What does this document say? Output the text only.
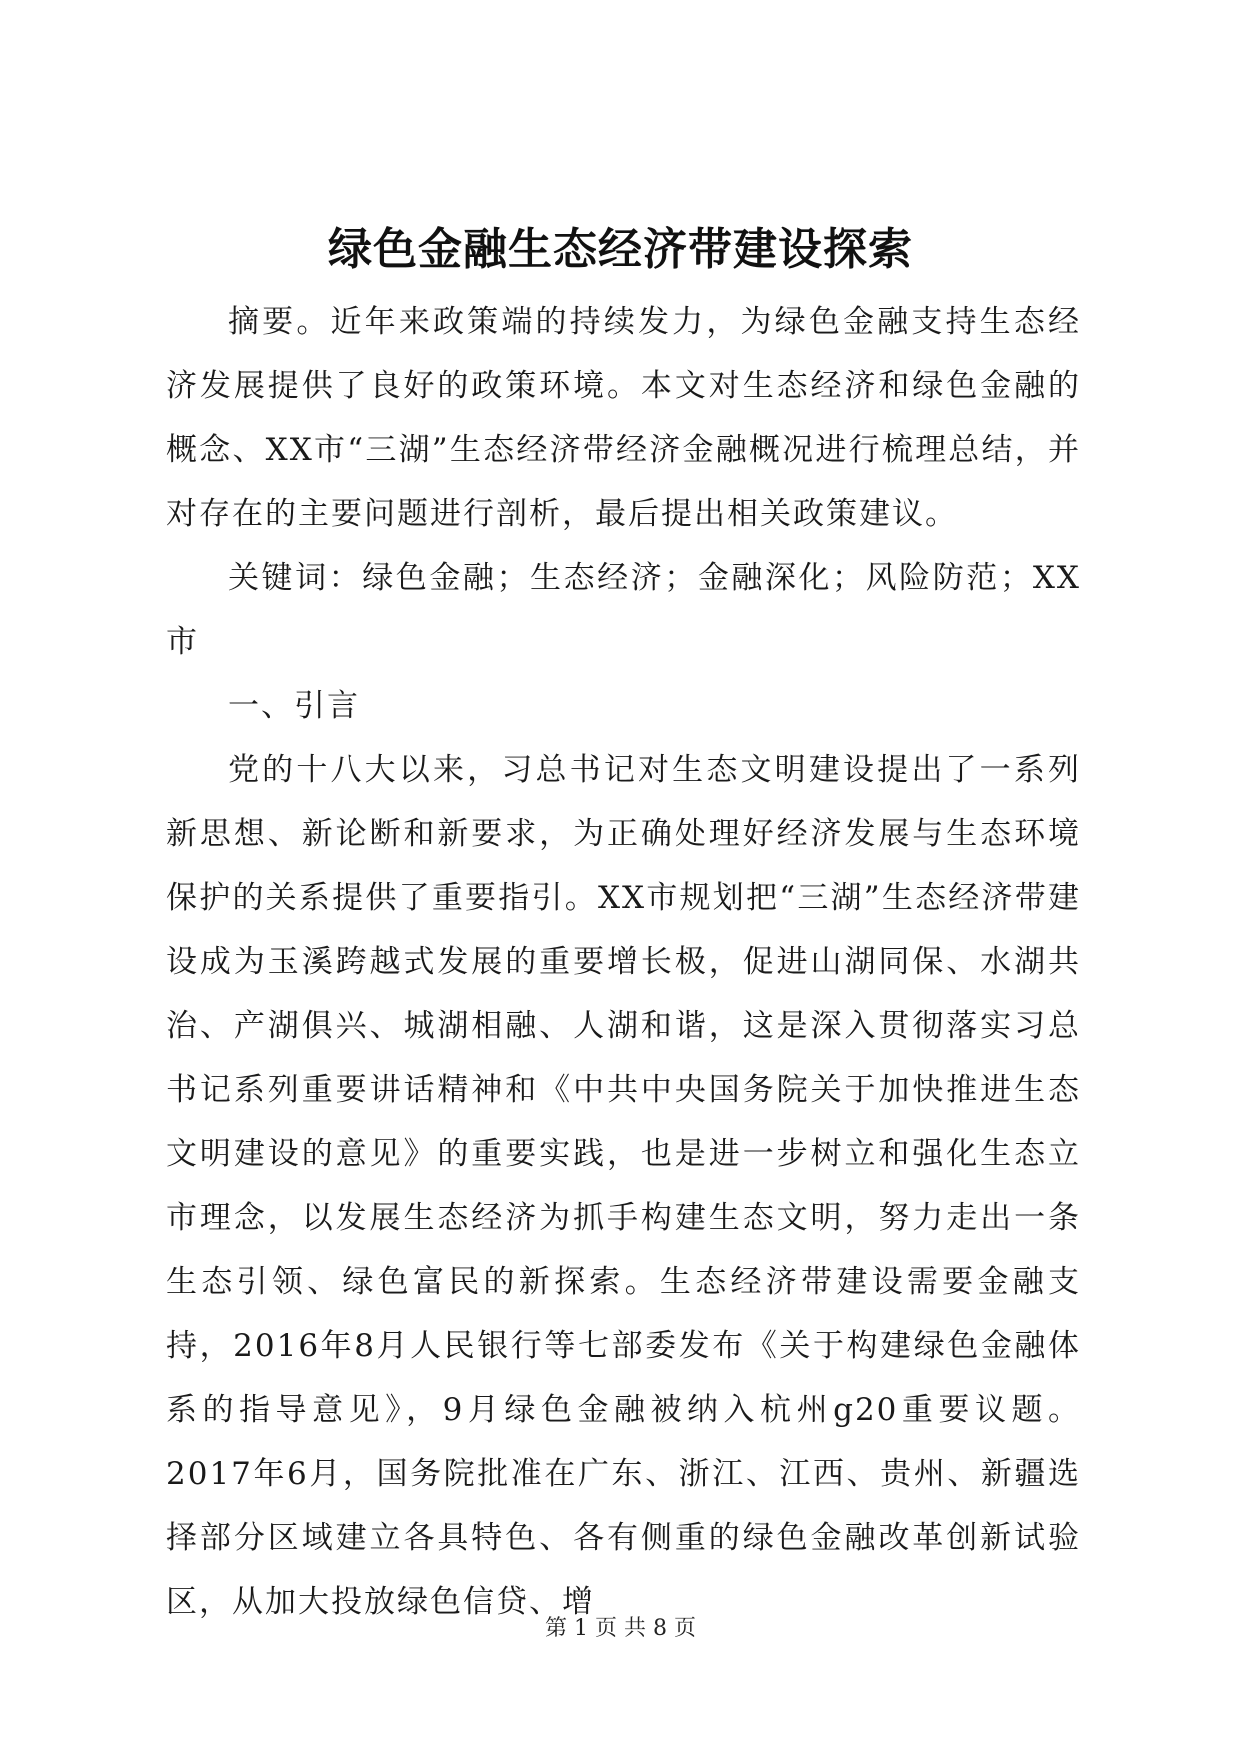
绿色金融生态经济带建设探索

摘要。近年来政策端的持续发力，为绿色金融支持生态经济发展提供了良好的政策环境。本文对生态经济和绿色金融的概念、XX市“三湖”生态经济带经济金融概况进行梳理总结，并对存在的主要问题进行剖析，最后提出相关政策建议。

关键词：绿色金融；生态经济；金融深化；风险防范；XX市

一、引言

党的十八大以来，习总书记对生态文明建设提出了一系列新思想、新论断和新要求，为正确处理好经济发展与生态环境保护的关系提供了重要指引。XX市规划把“三湖”生态经济带建设成为玉溪跨越式发展的重要增长极，促进山湖同保、水湖共治、产湖俱兴、城湖相融、人湖和谐，这是深入贯彻落实习总书记系列重要讲话精神和《中共中央国务院关于加快推进生态文明建设的意见》的重要实践，也是进一步树立和强化生态立市理念，以发展生态经济为抓手构建生态文明，努力走出一条生态引领、绿色富民的新探索。生态经济带建设需要金融支持，2016年8月人民银行等七部委发布《关于构建绿色金融体系的指导意见》，9月绿色金融被纳入杭州g20重要议题。2017年6月，国务院批准在广东、浙江、江西、贵州、新疆选择部分区域建立各具特色、各有侧重的绿色金融改革创新试验区，从加大投放绿色信贷、增

第 1 页 共 8 页
